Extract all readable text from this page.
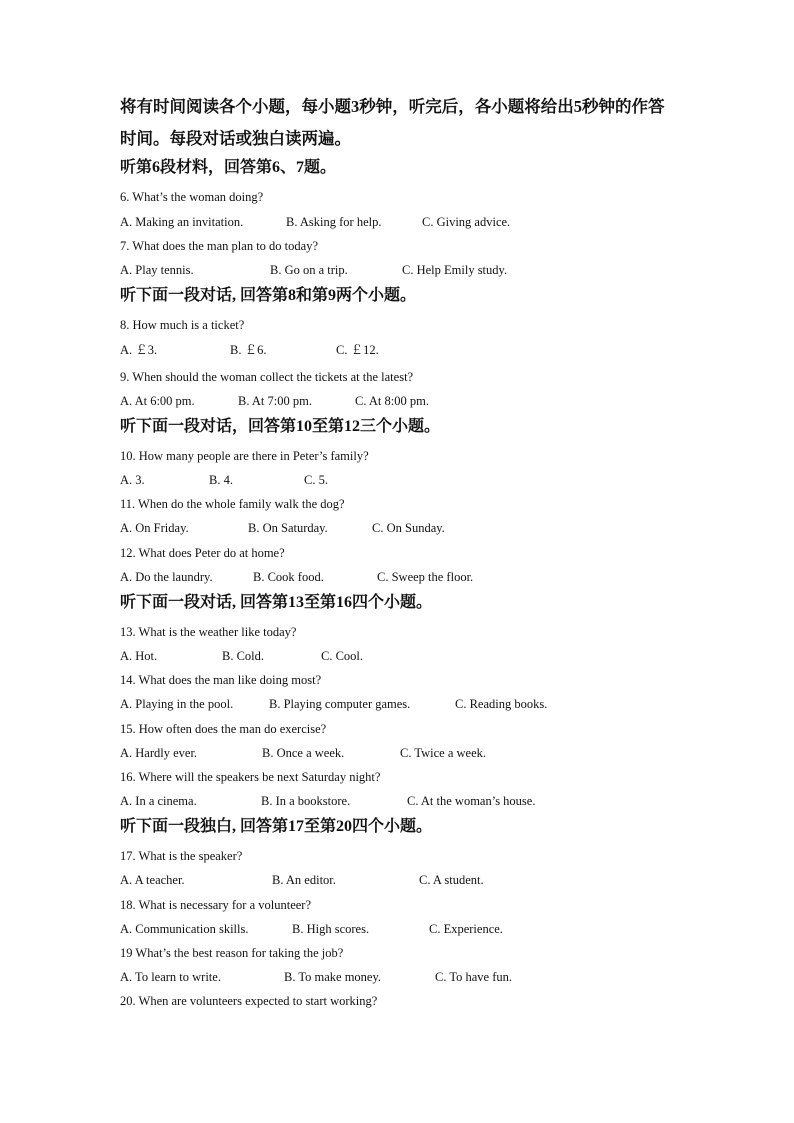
将有时间阅读各个小题，每小题3秒钟，听完后，各小题将给出5秒钟的作答
时间。每段对话或独白读两遍。
听第6段材料，回答第6、7题。
6. What’s the woman doing?
A. Making an invitation.	B. Asking for help.	C. Giving advice.
7. What does the man plan to do today?
A. Play tennis.	B. Go on a trip.	C. Help Emily study.
听下面一段对话, 回答第8和第9两个小题。
8. How much is a ticket?
A. ￡3.	B. ￡6.	C. ￡12.
9. When should the woman collect the tickets at the latest?
A. At 6:00 pm.	B. At 7:00 pm.	C. At 8:00 pm.
听下面一段对话，回答第10至第12三个小题。
10. How many people are there in Peter’s family?
A. 3.	B. 4.	C. 5.
11. When do the whole family walk the dog?
A. On Friday.	B. On Saturday.	C. On Sunday.
12. What does Peter do at home?
A. Do the laundry.	B. Cook food.	C. Sweep the floor.
听下面一段对话, 回答第13至第16四个小题。
13. What is the weather like today?
A. Hot.	B. Cold.	C. Cool.
14. What does the man like doing most?
A. Playing in the pool.	B. Playing computer games.	C. Reading books.
15. How often does the man do exercise?
A. Hardly ever.	B. Once a week.	C. Twice a week.
16. Where will the speakers be next Saturday night?
A. In a cinema.	B. In a bookstore.	C. At the woman’s house.
听下面一段独白, 回答第17至第20四个小题。
17. What is the speaker?
A. A teacher.	B. An editor.	C. A student.
18. What is necessary for a volunteer?
A. Communication skills.	B. High scores.	C. Experience.
19 What’s the best reason for taking the job?
A. To learn to write.	B. To make money.	C. To have fun.
20. When are volunteers expected to start working?
